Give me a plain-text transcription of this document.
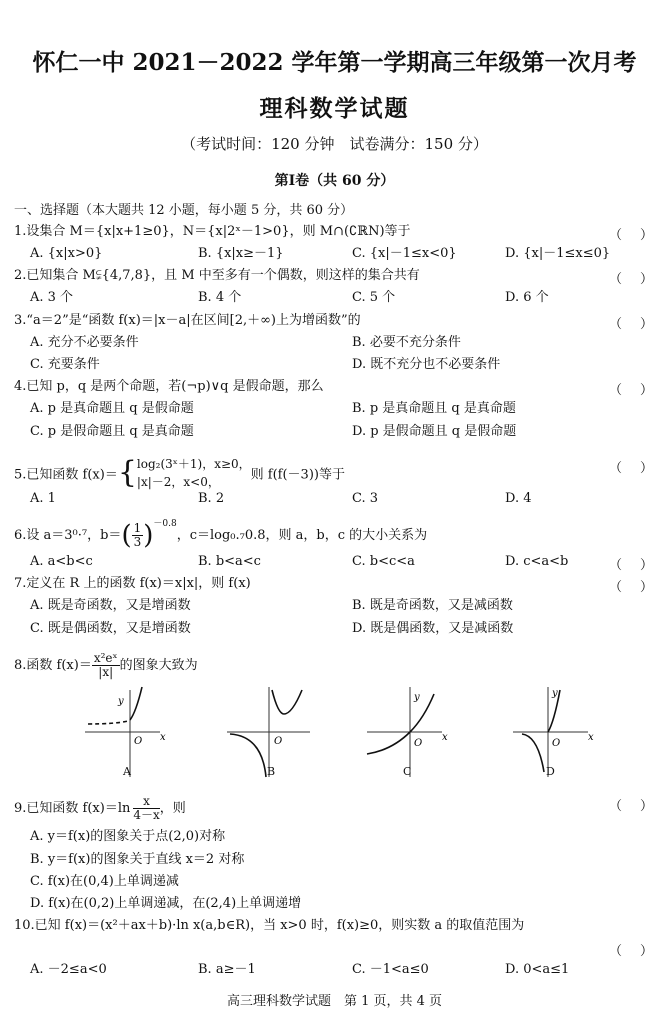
怀仁一中 2021－2022 学年第一学期高三年级第一次月考
理科数学试题
（考试时间：120 分钟　试卷满分：150 分）
第Ⅰ卷（共 60 分）
一、选择题（本大题共 12 小题，每小题 5 分，共 60 分）
1.设集合 M＝{x|x+1≥0}，N＝{x|2ˣ－1>0}，则 M∩(∁ℝN)等于	（ ）
A. {x|x>0}	B. {x|x≥－1}	C. {x|－1≤x<0}	D. {x|－1≤x≤0}
2.已知集合 M⫋{4,7,8}，且 M 中至多有一个偶数，则这样的集合共有	（ ）
A. 3 个	B. 4 个	C. 5 个	D. 6 个
3.“a＝2”是“函数 f(x)＝|x－a|在区间[2,＋∞)上为增函数”的	（ ）
A. 充分不必要条件	B. 必要不充分条件
C. 充要条件	D. 既不充分也不必要条件
4.已知 p，q 是两个命题，若(¬p)∨q 是假命题，那么	（ ）
A. p 是真命题且 q 是假命题	B. p 是真命题且 q 是真命题
C. p 是假命题且 q 是真命题	D. p 是假命题且 q 是假命题
5.已知函数 f(x)＝{ log₂(3ˣ＋1)，x≥0，
|x|－2，x<0，	则 f(f(－3))等于	（ ）
A. 1	B. 2	C. 3	D. 4
6.设 a＝3⁰·⁷，$b=( \frac{1}{3} )^{-0.8}$，c＝log₀.₇0.8，则 a，b，c 的大小关系为
A. a<b<c	B. b<a<c	C. b<c<a	D. c<a<b	（ ）
7.定义在 R 上的函数 f(x)＝x|x|，则 f(x)	（ ）
A. 既是奇函数，又是增函数	B. 既是奇函数，又是减函数
C. 既是偶函数，又是增函数	D. 既是偶函数，又是减函数
8.函数 $f(x)= \frac{\text{x²eˣ}}{|x|}$ 的图象大致为
y
O x
A
O
B
y
O
x
C
y
O
x
D
9.已知函数 $f(x)=\ln \frac{x}{4-x}$ ，则	（ ）
A. y＝f(x)的图象关于点(2,0)对称
B. y＝f(x)的图象关于直线 x＝2 对称
C. f(x)在(0,4)上单调递减
D. f(x)在(0,2)上单调递减，在(2,4)上单调递增
10.已知 f(x)＝(x²＋ax＋b)·ln x(a,b∈R)，当 x>0 时，f(x)≥0，则实数 a 的取值范围为
（ ）
A. －2≤a<0	B. a≥－1	C. －1<a≤0	D. 0<a≤1
高三理科数学试题　第 1 页，共 4 页
